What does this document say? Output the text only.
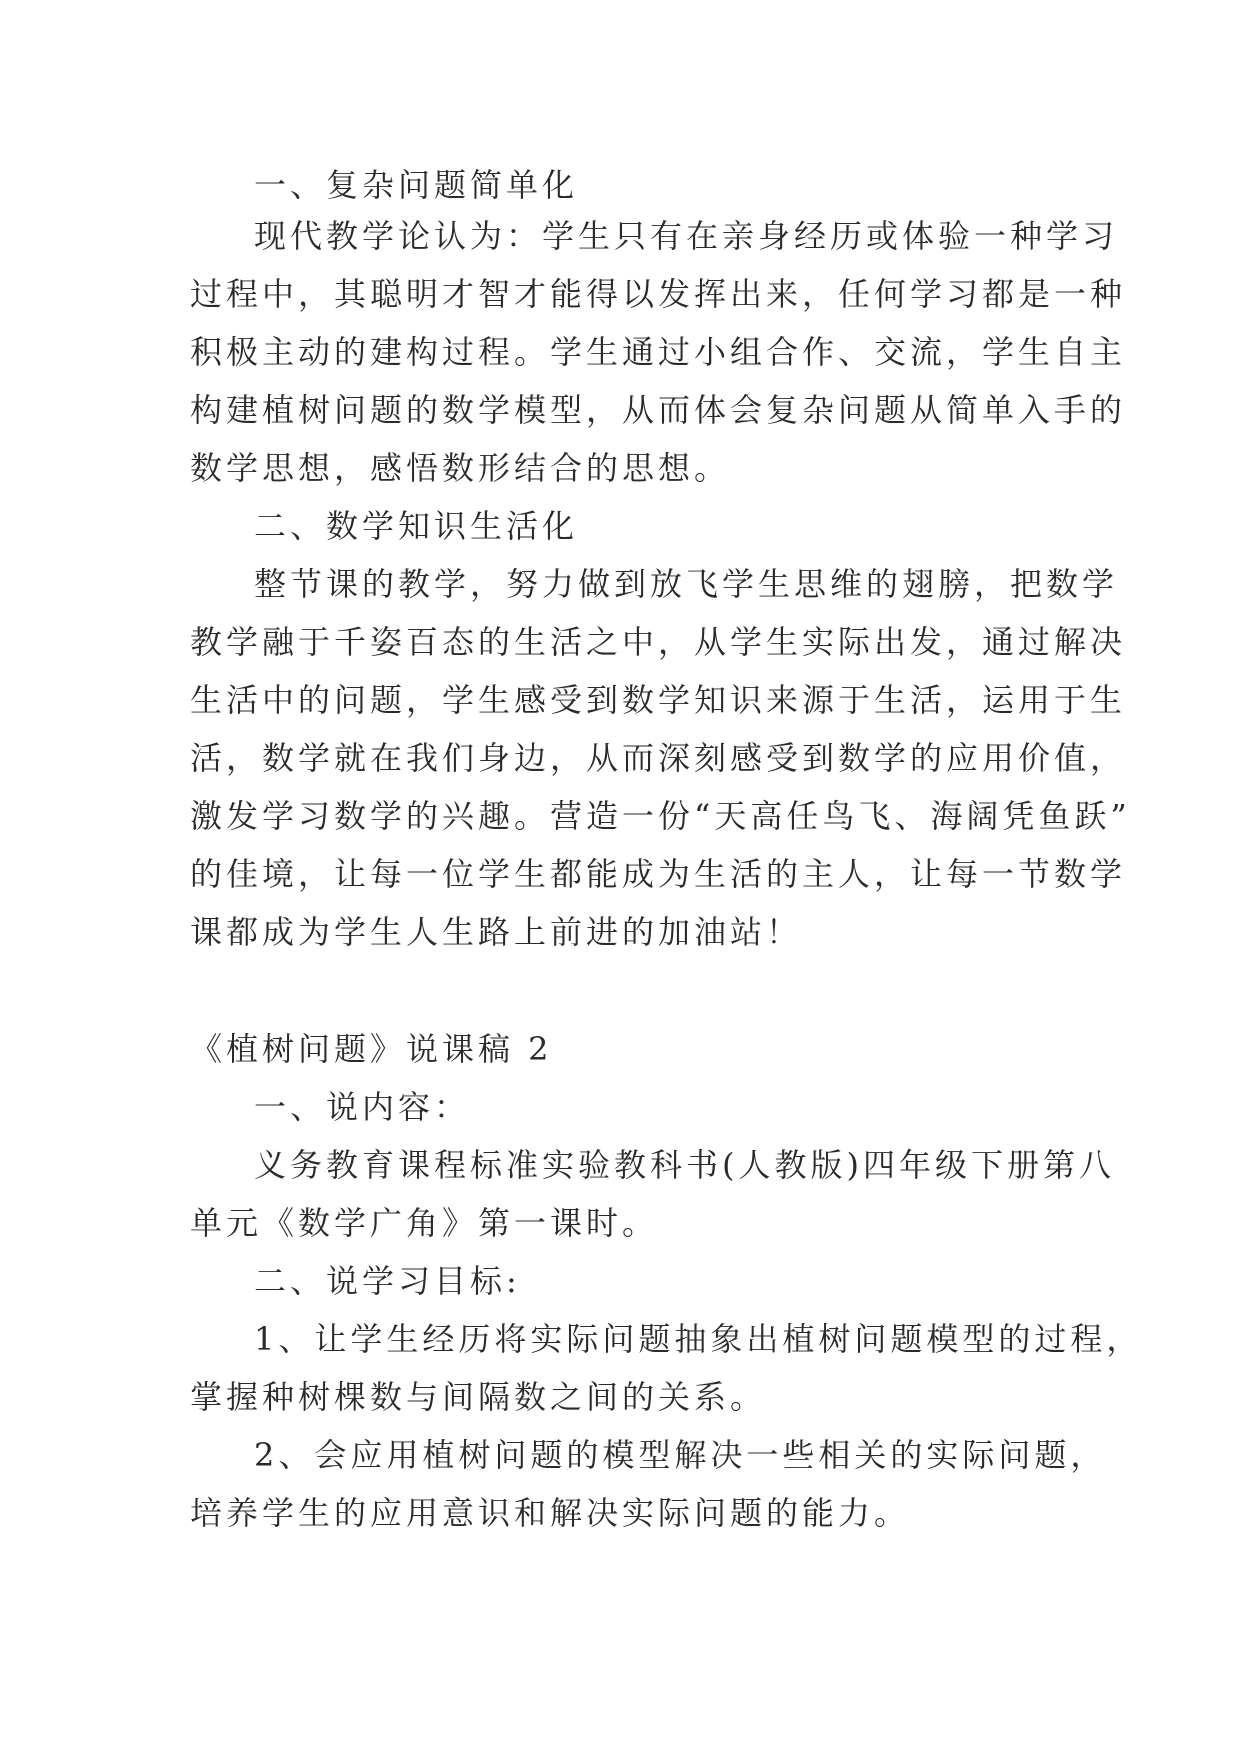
一、复杂问题简单化
现代教学论认为：学生只有在亲身经历或体验一种学习
过程中，其聪明才智才能得以发挥出来，任何学习都是一种
积极主动的建构过程。学生通过小组合作、交流，学生自主
构建植树问题的数学模型，从而体会复杂问题从简单入手的
数学思想，感悟数形结合的思想。
二、数学知识生活化
整节课的教学，努力做到放飞学生思维的翅膀，把数学
教学融于千姿百态的生活之中，从学生实际出发，通过解决
生活中的问题，学生感受到数学知识来源于生活，运用于生
活，数学就在我们身边，从而深刻感受到数学的应用价值，
激发学习数学的兴趣。营造一份“天高任鸟飞、海阔凭鱼跃”
的佳境，让每一位学生都能成为生活的主人，让每一节数学
课都成为学生人生路上前进的加油站！
《植树问题》说课稿 2
一、说内容：
义务教育课程标准实验教科书(人教版)四年级下册第八
单元《数学广角》第一课时。
二、说学习目标:
1、让学生经历将实际问题抽象出植树问题模型的过程，
掌握种树棵数与间隔数之间的关系。
2、会应用植树问题的模型解决一些相关的实际问题，
培养学生的应用意识和解决实际问题的能力。
